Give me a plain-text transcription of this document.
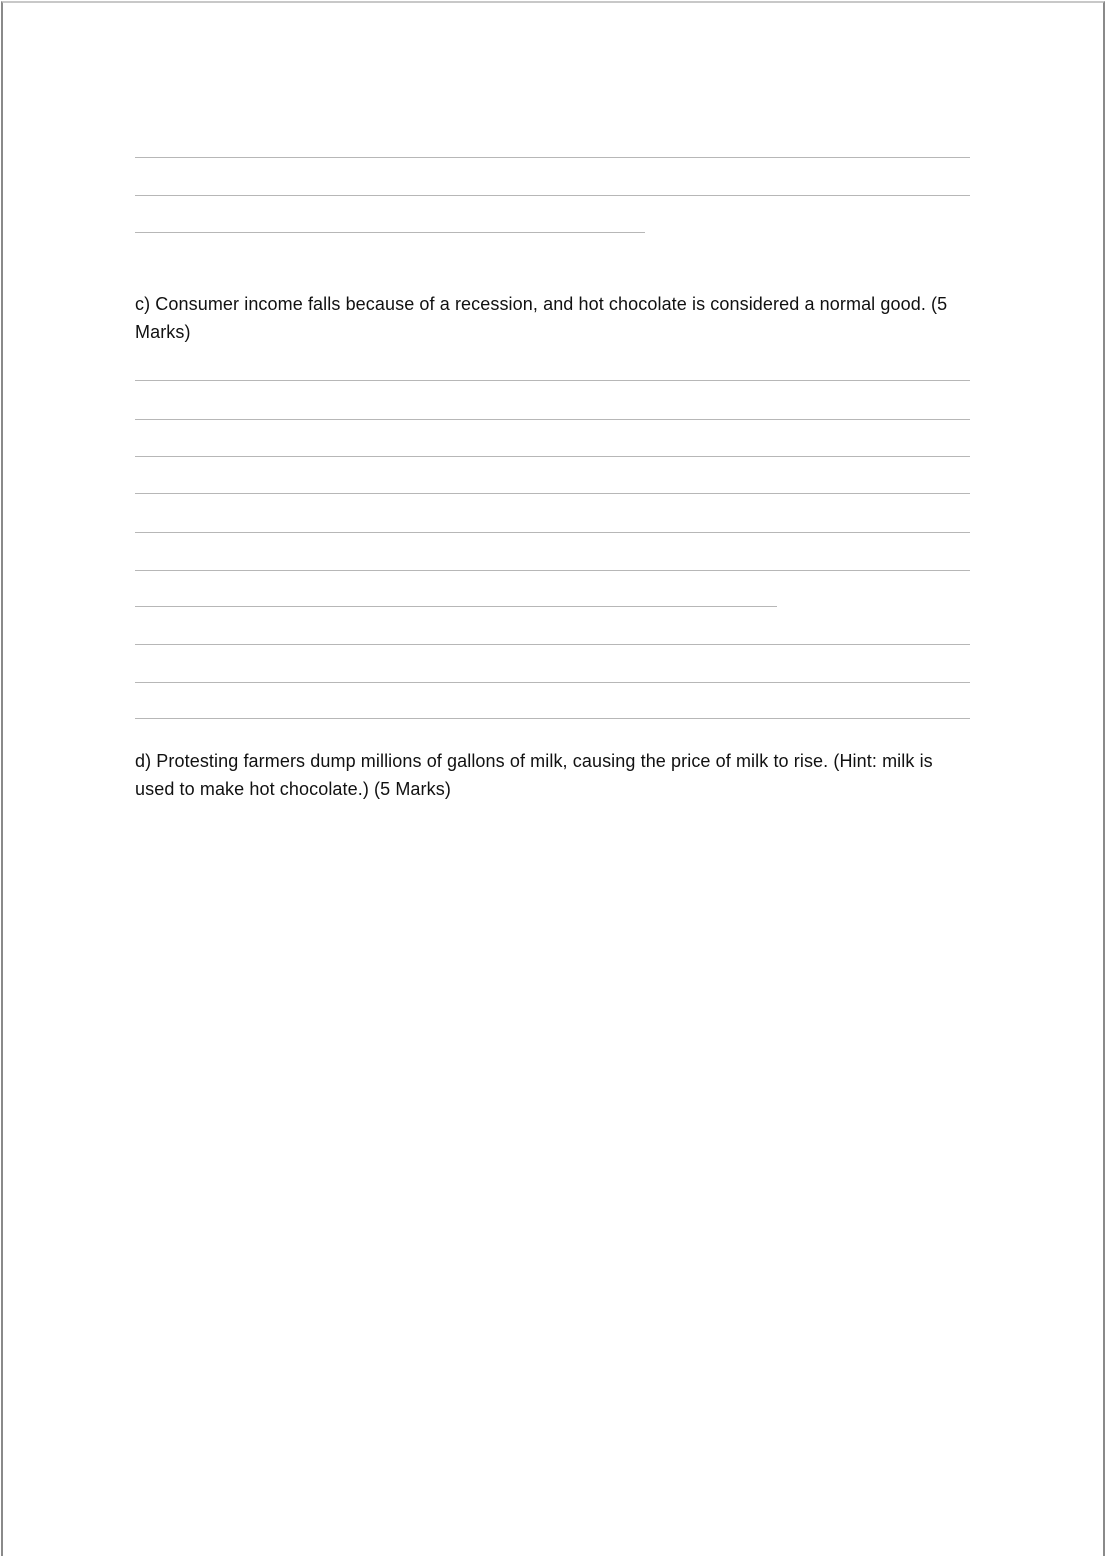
c) Consumer income falls because of a recession, and hot chocolate is considered a normal good. (5
Marks)
d) Protesting farmers dump millions of gallons of milk, causing the price of milk to rise. (Hint: milk is
used to make hot chocolate.) (5 Marks)
